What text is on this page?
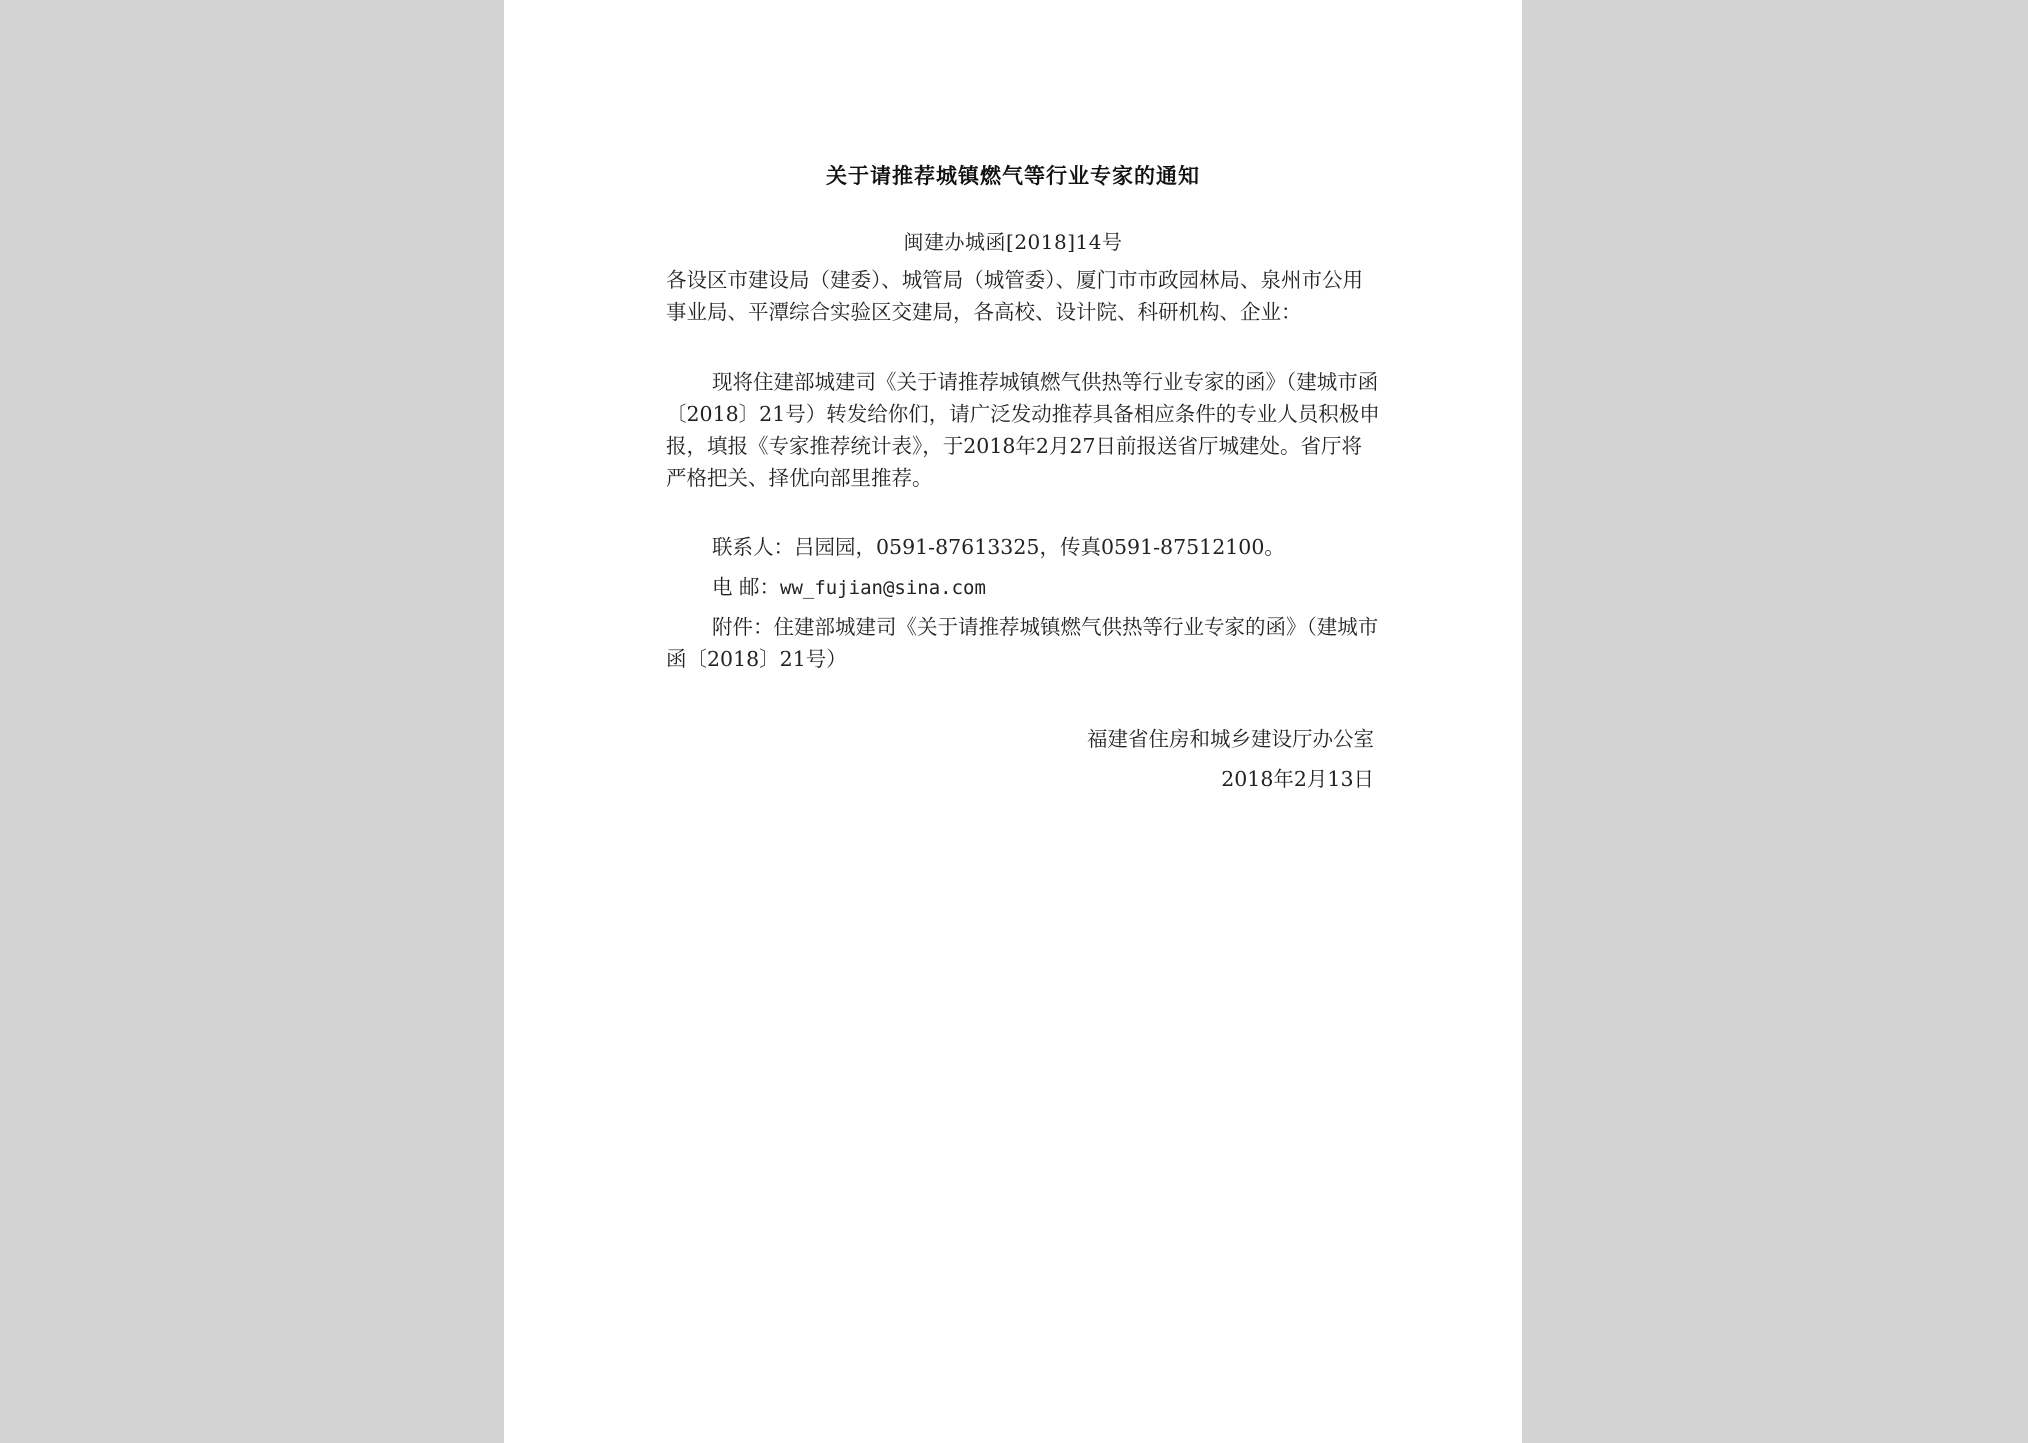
关于请推荐城镇燃气等行业专家的通知
闽建办城函[2018]14号

各设区市建设局（建委）、城管局（城管委）、厦门市市政园林局、泉州市公用事业局、平潭综合实验区交建局，各高校、设计院、科研机构、企业：

现将住建部城建司《关于请推荐城镇燃气供热等行业专家的函》（建城市函〔2018〕21号）转发给你们，请广泛发动推荐具备相应条件的专业人员积极申报，填报《专家推荐统计表》，于2018年2月27日前报送省厅城建处。省厅将严格把关、择优向部里推荐。

联系人：吕园园，0591-87613325，传真0591-87512100。

电 邮：ww_fujian@sina.com

附件：住建部城建司《关于请推荐城镇燃气供热等行业专家的函》（建城市函〔2018〕21号）

福建省住房和城乡建设厅办公室
2018年2月13日
